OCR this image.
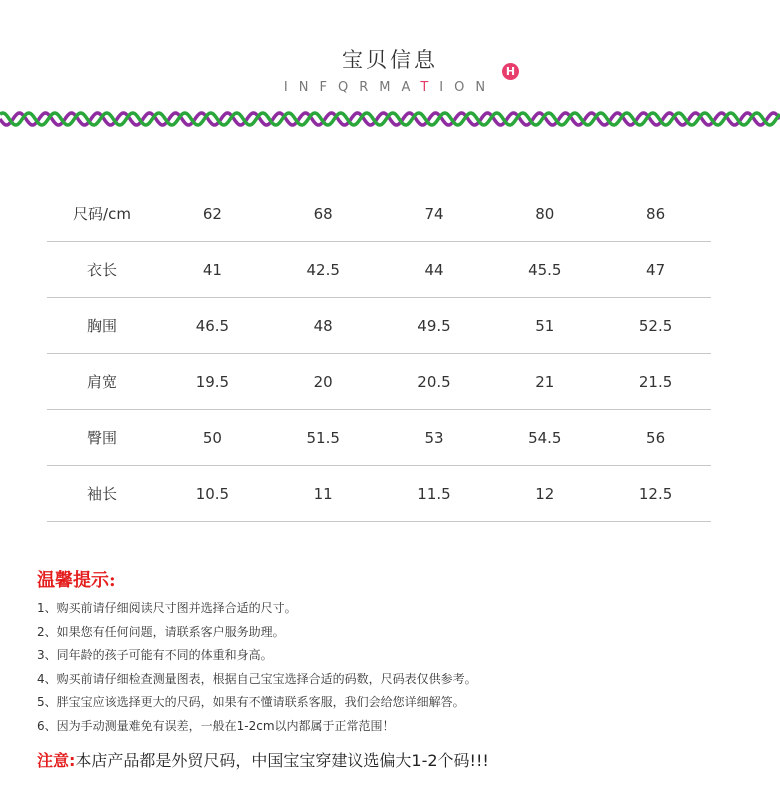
宝贝信息
INFQRMATION
H
尺码/cm	62	68	74	80	86
衣长	41	42.5	44	45.5	47
胸围	46.5	48	49.5	51	52.5
肩宽	19.5	20	20.5	21	21.5
臀围	50	51.5	53	54.5	56
袖长	10.5	11	11.5	12	12.5
温馨提示:
1、购买前请仔细阅读尺寸图并选择合适的尺寸。
2、如果您有任何问题，请联系客户服务助理。
3、同年龄的孩子可能有不同的体重和身高。
4、购买前请仔细检查测量图表，根据自己宝宝选择合适的码数，尺码表仅供参考。
5、胖宝宝应该选择更大的尺码，如果有不懂请联系客服，我们会给您详细解答。
6、因为手动测量难免有误差，一般在1-2cm以内都属于正常范围！
注意:本店产品都是外贸尺码，中国宝宝穿建议选偏大1-2个码!!!
